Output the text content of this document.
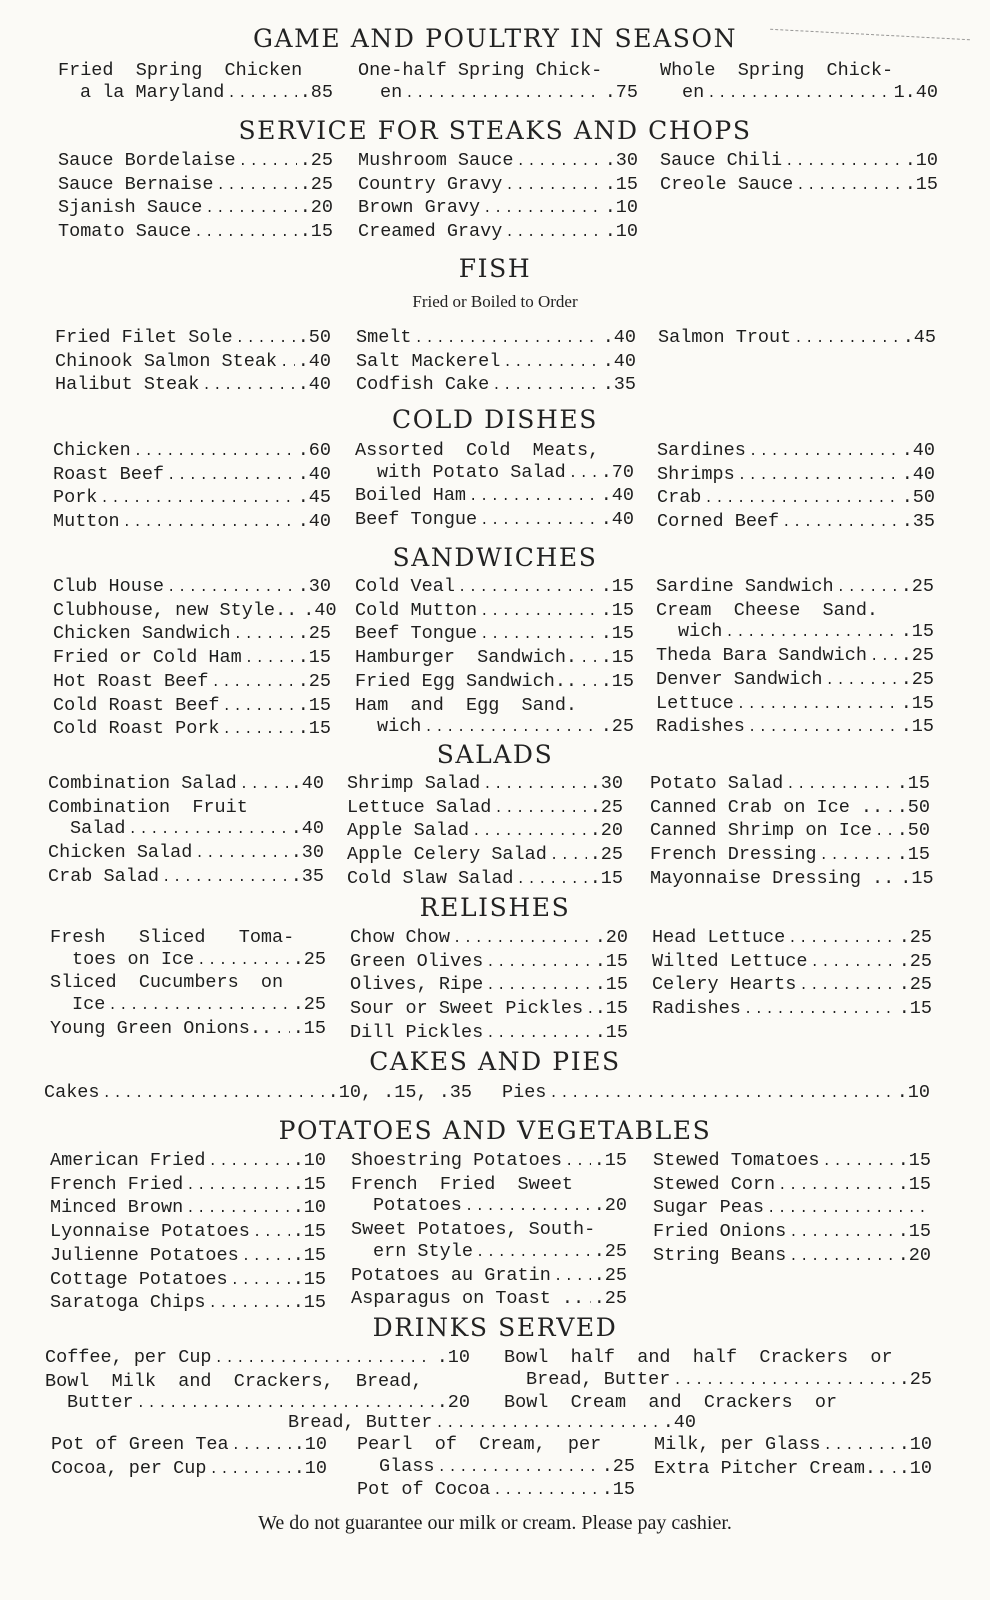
GAME AND POULTRY IN SEASON
Fried  Spring  Chicken
a la Maryland . . .	.85
One-half Spring Chick-
en . . .	.75
Whole  Spring  Chick-
en . . .	1.40
SERVICE FOR STEAKS AND CHOPS
Sauce Bordelaise . . .	.25
Sauce Bernaise . . .	.25
Sjanish Sauce . . .	.20
Tomato Sauce . . .	.15
Mushroom Sauce . . .	.30
Country Gravy . . .	.15
Brown Gravy . . .	.10
Creamed Gravy . . .	.10
Sauce Chili . . .	.10
Creole Sauce . . .	.15
FISH
Fried or Boiled to Order
Fried Filet Sole . . .	.50
Chinook Salmon Steak . . . .40
Halibut Steak . . .	.40
Smelt . . .	.40
Salt Mackerel . . .	.40
Codfish Cake . . .	.35
Salmon Trout . . .	.45
COLD DISHES
Chicken . . .	.60
Roast Beef . . .	.40
Pork . . .	.45
Mutton . . .	.40
Assorted  Cold  Meats,
with Potato Salad . . . .70
Boiled Ham . . .	.40
Beef Tongue . . .	.40
Sardines . . .	.40
Shrimps . . .	.40
Crab . . .	.50
Corned Beef . . .	.35
SANDWICHES
Club House . . .	.30
Clubhouse, new Style.. .40
Chicken Sandwich . . .	.25
Fried or Cold Ham . . .	.15
Hot Roast Beef . . .	.25
Cold Roast Beef . . .	.15
Cold Roast Pork . . .	.15
Cold Veal . . .	.15
Cold Mutton . . .	.15
Beef Tongue . . .	.15
Hamburger  Sandwich. . . . .15
Fried Egg Sandwich.. . . . .15
Ham  and  Egg  Sand.
wich . . .	.25
Sardine Sandwich . . .	.25
Cream  Cheese  Sand.
wich . . .	.15
Theda Bara Sandwich . . . .25
Denver Sandwich . . .	.25
Lettuce . . .	.15
Radishes . . .	.15
SALADS
Combination Salad . . .	.40
Combination  Fruit
Salad . . .	.40
Chicken Salad . . .	.30
Crab Salad . . .	.35
Shrimp Salad . . .	.30
Lettuce Salad . . .	.25
Apple Salad . . .	.20
Apple Celery Salad . . . .25
Cold Slaw Salad . . .	.15
Potato Salad . . .	.15
Canned Crab on Ice .. . . . .50
Canned Shrimp on Ice . . . .50
French Dressing . . .	.15
Mayonnaise Dressing .. .15
RELISHES
Fresh   Sliced   Toma-
toes on Ice . . .	.25
Sliced  Cucumbers  on
Ice . . .	.25
Young Green Onions.. . . . .15
Chow Chow . . .	.20
Green Olives . . .	.15
Olives, Ripe . . .	.15
Sour or Sweet Pickles . . . .15
Dill Pickles . . .	.15
Head Lettuce . . .	.25
Wilted Lettuce . . .	.25
Celery Hearts . . .	.25
Radishes . . .	.15
CAKES AND PIES
Cakes . . .	.10, .15, .35 Pies . . .	.10
POTATOES AND VEGETABLES
American Fried . . .	.10
French Fried . . .	.15
Minced Brown . . .	.10
Lyonnaise Potatoes . . . .15
Julienne Potatoes . . .	.15
Cottage Potatoes . . .	.15
Saratoga Chips . . .	.15
Shoestring Potatoes . . . .15
French  Fried  Sweet
Potatoes . . .	.20
Sweet Potatoes, South-
ern Style . . .	.25
Potatoes au Gratin . . . .25
Asparagus on Toast .. . . . .25
Stewed Tomatoes . . .	.15
Stewed Corn . . .	.15
Sugar Peas
. . .
Fried Onions . . .	.15
String Beans . . .	.20
DRINKS SERVED
Coffee, per Cup . . .	.10
Bowl  Milk  and  Crackers,  Bread,
Butter . . .	.20
Bowl  half  and  half  Crackers  or
Bread, Butter . . .	.25
Bowl  Cream  and  Crackers  or
Bread, Butter . . .	.40
Pot of Green Tea . . .	.10
Cocoa, per Cup . . .	.10
Pearl  of  Cream,  per
Glass . . .	.25
Pot of Cocoa . . .	.15
Milk, per Glass . . .	.10
Extra Pitcher Cream.. . . . .10
We do not guarantee our milk or cream. Please pay cashier.
